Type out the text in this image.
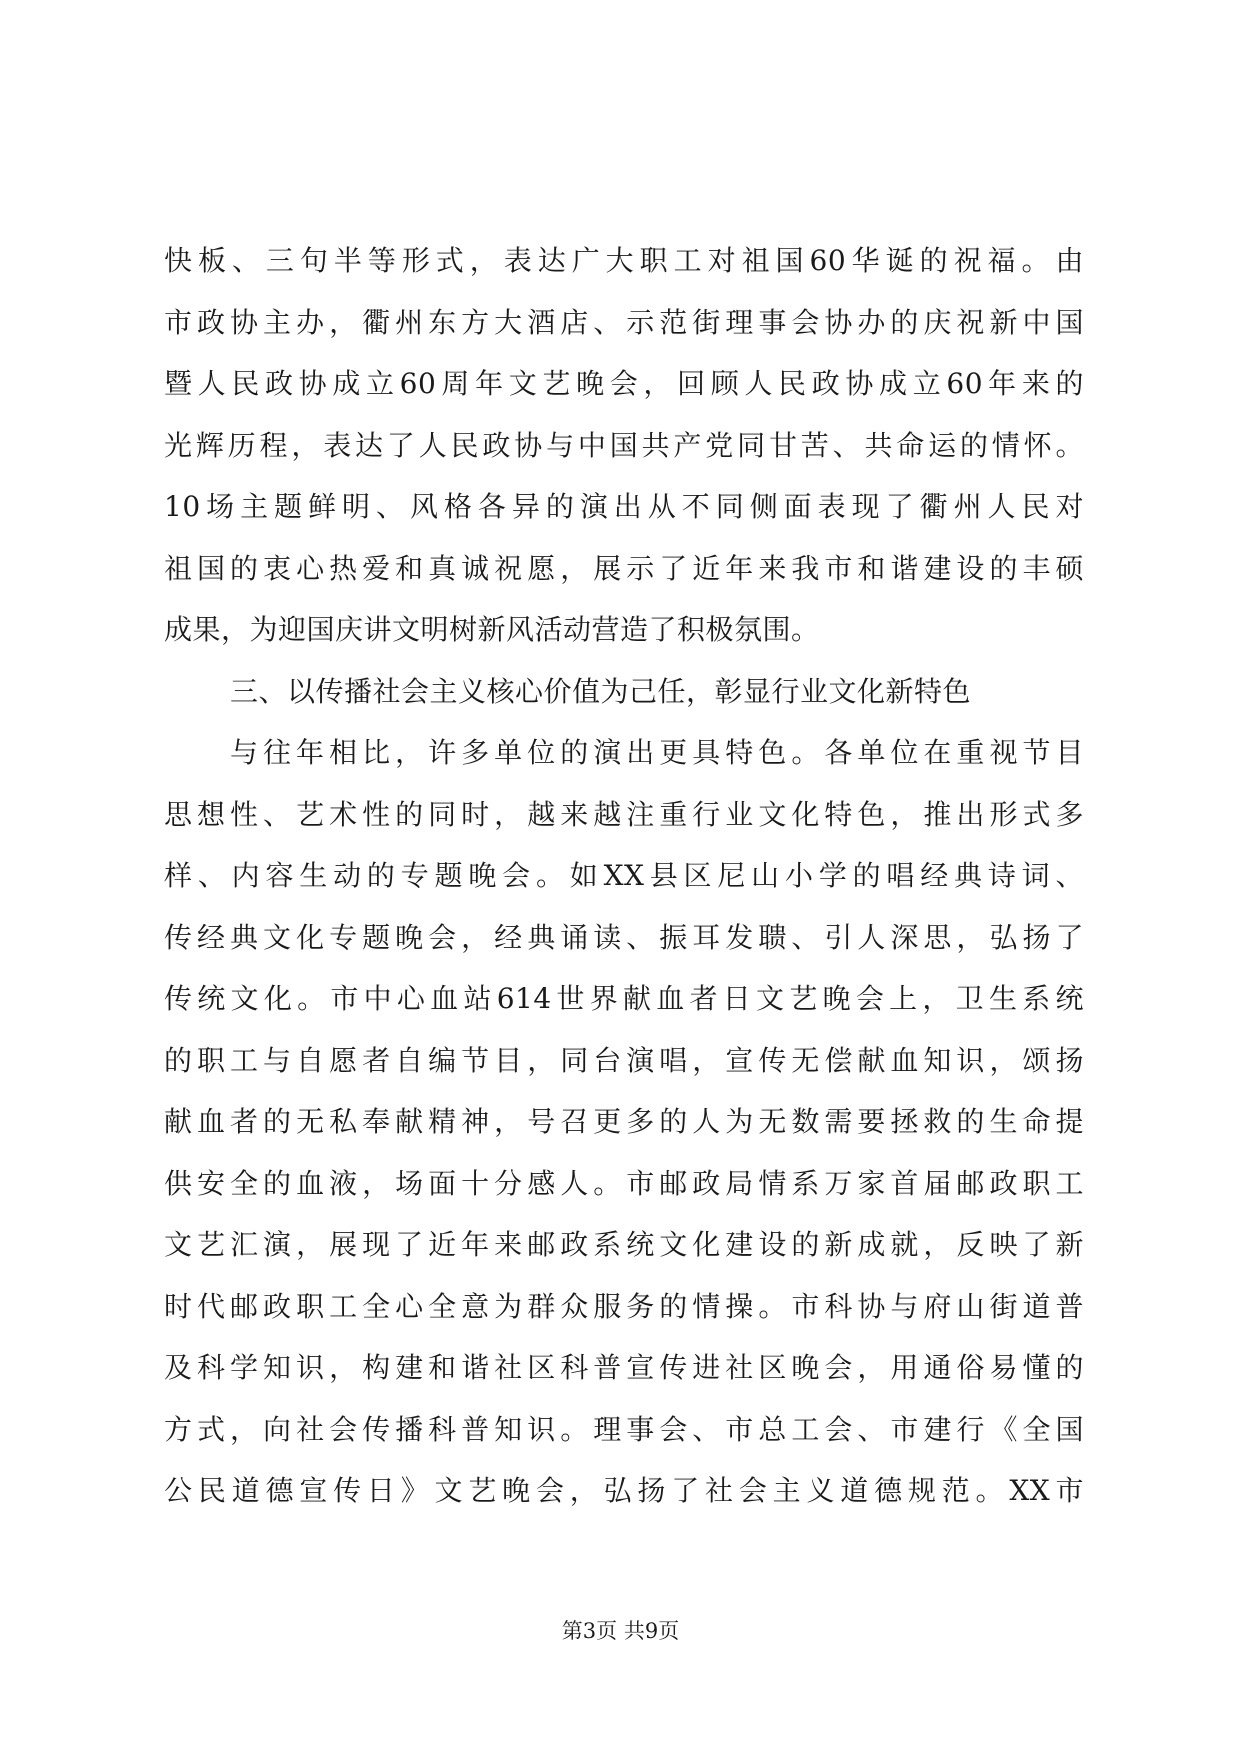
快板、三句半等形式，表达广大职工对祖国60华诞的祝福。由
市政协主办，衢州东方大酒店、示范街理事会协办的庆祝新中国
暨人民政协成立60周年文艺晚会，回顾人民政协成立60年来的
光辉历程，表达了人民政协与中国共产党同甘苦、共命运的情怀。
10场主题鲜明、风格各异的演出从不同侧面表现了衢州人民对
祖国的衷心热爱和真诚祝愿，展示了近年来我市和谐建设的丰硕
成果，为迎国庆讲文明树新风活动营造了积极氛围。
三、以传播社会主义核心价值为己任，彰显行业文化新特色
与往年相比，许多单位的演出更具特色。各单位在重视节目
思想性、艺术性的同时，越来越注重行业文化特色，推出形式多
样、内容生动的专题晚会。如XX县区尼山小学的唱经典诗词、
传经典文化专题晚会，经典诵读、振耳发聩、引人深思，弘扬了
传统文化。市中心血站614世界献血者日文艺晚会上，卫生系统
的职工与自愿者自编节目，同台演唱，宣传无偿献血知识，颂扬
献血者的无私奉献精神，号召更多的人为无数需要拯救的生命提
供安全的血液，场面十分感人。市邮政局情系万家首届邮政职工
文艺汇演，展现了近年来邮政系统文化建设的新成就，反映了新
时代邮政职工全心全意为群众服务的情操。市科协与府山街道普
及科学知识，构建和谐社区科普宣传进社区晚会，用通俗易懂的
方式，向社会传播科普知识。理事会、市总工会、市建行《全国
公民道德宣传日》文艺晚会，弘扬了社会主义道德规范。XX市
第3页 共9页
